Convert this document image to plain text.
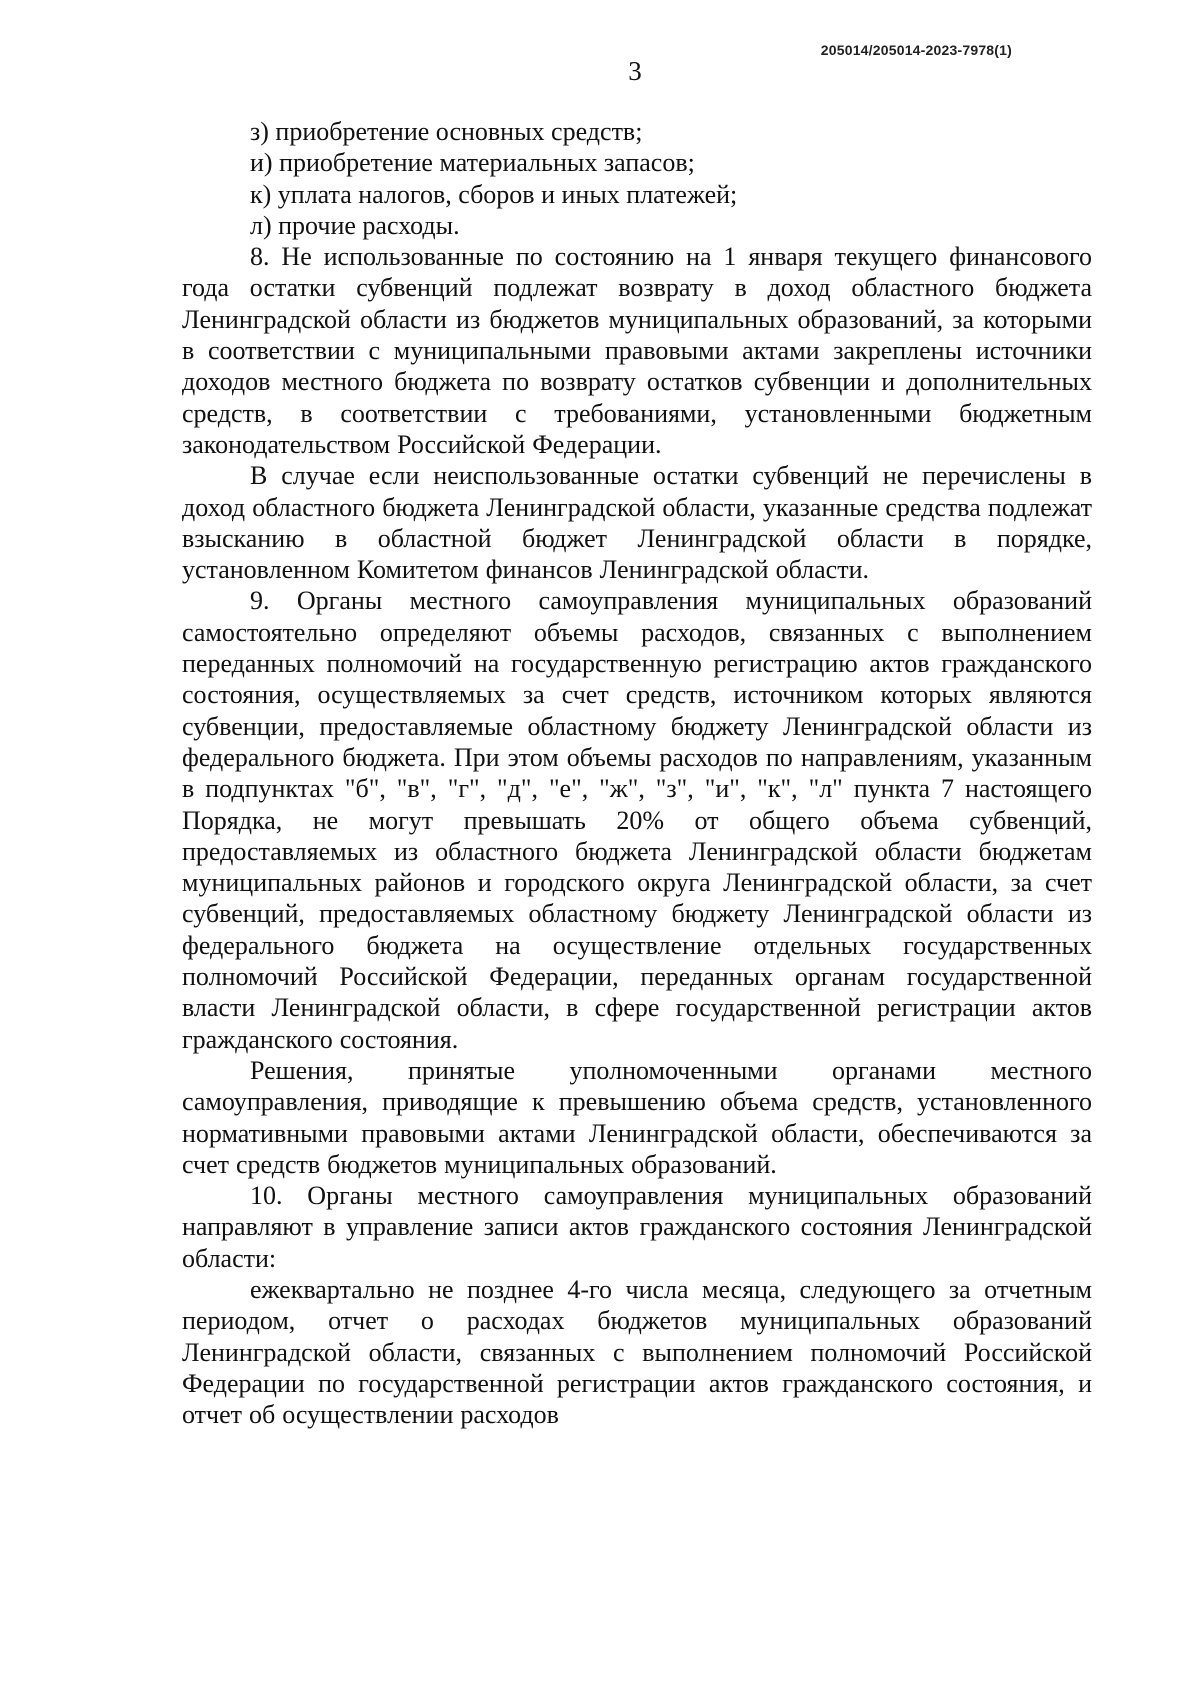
205014/205014-2023-7978(1)
3

з) приобретение основных средств;

и) приобретение материальных запасов;

к) уплата налогов, сборов и иных платежей;

л) прочие расходы.

8. Не использованные по состоянию на 1 января текущего финансового года остатки субвенций подлежат возврату в доход областного бюджета Ленинградской области из бюджетов муниципальных образований, за которыми в соответствии с муниципальными правовыми актами закреплены источники доходов местного бюджета по возврату остатков субвенции и дополнительных средств, в соответствии с требованиями, установленными бюджетным законодательством Российской Федерации.

В случае если неиспользованные остатки субвенций не перечислены в доход областного бюджета Ленинградской области, указанные средства подлежат взысканию в областной бюджет Ленинградской области в порядке, установленном Комитетом финансов Ленинградской области.

9. Органы местного самоуправления муниципальных образований самостоятельно определяют объемы расходов, связанных с выполнением переданных полномочий на государственную регистрацию актов гражданского состояния, осуществляемых за счет средств, источником которых являются субвенции, предоставляемые областному бюджету Ленинградской области из федерального бюджета. При этом объемы расходов по направлениям, указанным в подпунктах "б", "в", "г", "д", "е", "ж", "з", "и", "к", "л" пункта 7 настоящего Порядка, не могут превышать 20% от общего объема субвенций, предоставляемых из областного бюджета Ленинградской области бюджетам муниципальных районов и городского округа Ленинградской области, за счет субвенций, предоставляемых областному бюджету Ленинградской области из федерального бюджета на осуществление отдельных государственных полномочий Российской Федерации, переданных органам государственной власти Ленинградской области, в сфере государственной регистрации актов гражданского состояния.

Решения, принятые уполномоченными органами местного самоуправления, приводящие к превышению объема средств, установленного нормативными правовыми актами Ленинградской области, обеспечиваются за счет средств бюджетов муниципальных образований.

10. Органы местного самоуправления муниципальных образований направляют в управление записи актов гражданского состояния Ленинградской области:

ежеквартально не позднее 4-го числа месяца, следующего за отчетным периодом, отчет о расходах бюджетов муниципальных образований Ленинградской области, связанных с выполнением полномочий Российской Федерации по государственной регистрации актов гражданского состояния, и отчет об осуществлении расходов
